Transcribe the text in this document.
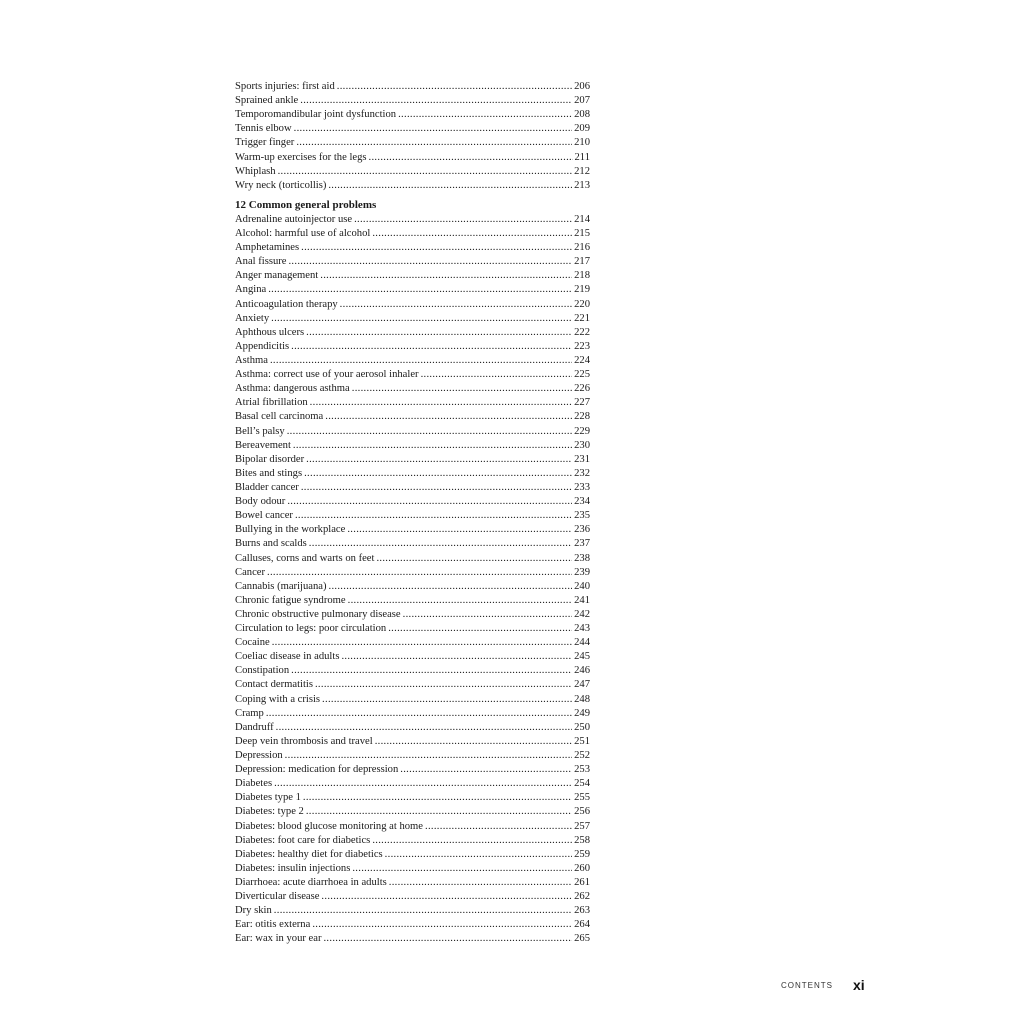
Sports injuries: first aid .....	206
Sprained ankle .....	207
Temporomandibular joint dysfunction .....	208
Tennis elbow .....	209
Trigger finger .....	210
Warm-up exercises for the legs .....	211
Whiplash .....	212
Wry neck (torticollis) .....	213
12 Common general problems
Adrenaline autoinjector use .....	214
Alcohol: harmful use of alcohol .....	215
Amphetamines .....	216
Anal fissure .....	217
Anger management .....	218
Angina .....	219
Anticoagulation therapy .....	220
Anxiety .....	221
Aphthous ulcers .....	222
Appendicitis .....	223
Asthma .....	224
Asthma: correct use of your aerosol inhaler .....	225
Asthma: dangerous asthma .....	226
Atrial fibrillation .....	227
Basal cell carcinoma .....	228
Bell’s palsy .....	229
Bereavement .....	230
Bipolar disorder .....	231
Bites and stings .....	232
Bladder cancer .....	233
Body odour .....	234
Bowel cancer .....	235
Bullying in the workplace .....	236
Burns and scalds .....	237
Calluses, corns and warts on feet .....	238
Cancer .....	239
Cannabis (marijuana) .....	240
Chronic fatigue syndrome .....	241
Chronic obstructive pulmonary disease .....	242
Circulation to legs: poor circulation .....	243
Cocaine .....	244
Coeliac disease in adults .....	245
Constipation .....	246
Contact dermatitis .....	247
Coping with a crisis .....	248
Cramp .....	249
Dandruff .....	250
Deep vein thrombosis and travel .....	251
Depression .....	252
Depression: medication for depression .....	253
Diabetes .....	254
Diabetes type 1 .....	255
Diabetes: type 2 .....	256
Diabetes: blood glucose monitoring at home .....	257
Diabetes: foot care for diabetics .....	258
Diabetes: healthy diet for diabetics .....	259
Diabetes: insulin injections .....	260
Diarrhoea: acute diarrhoea in adults .....	261
Diverticular disease .....	262
Dry skin .....	263
Ear: otitis externa .....	264
Ear: wax in your ear .....	265
CONTENTS xi
